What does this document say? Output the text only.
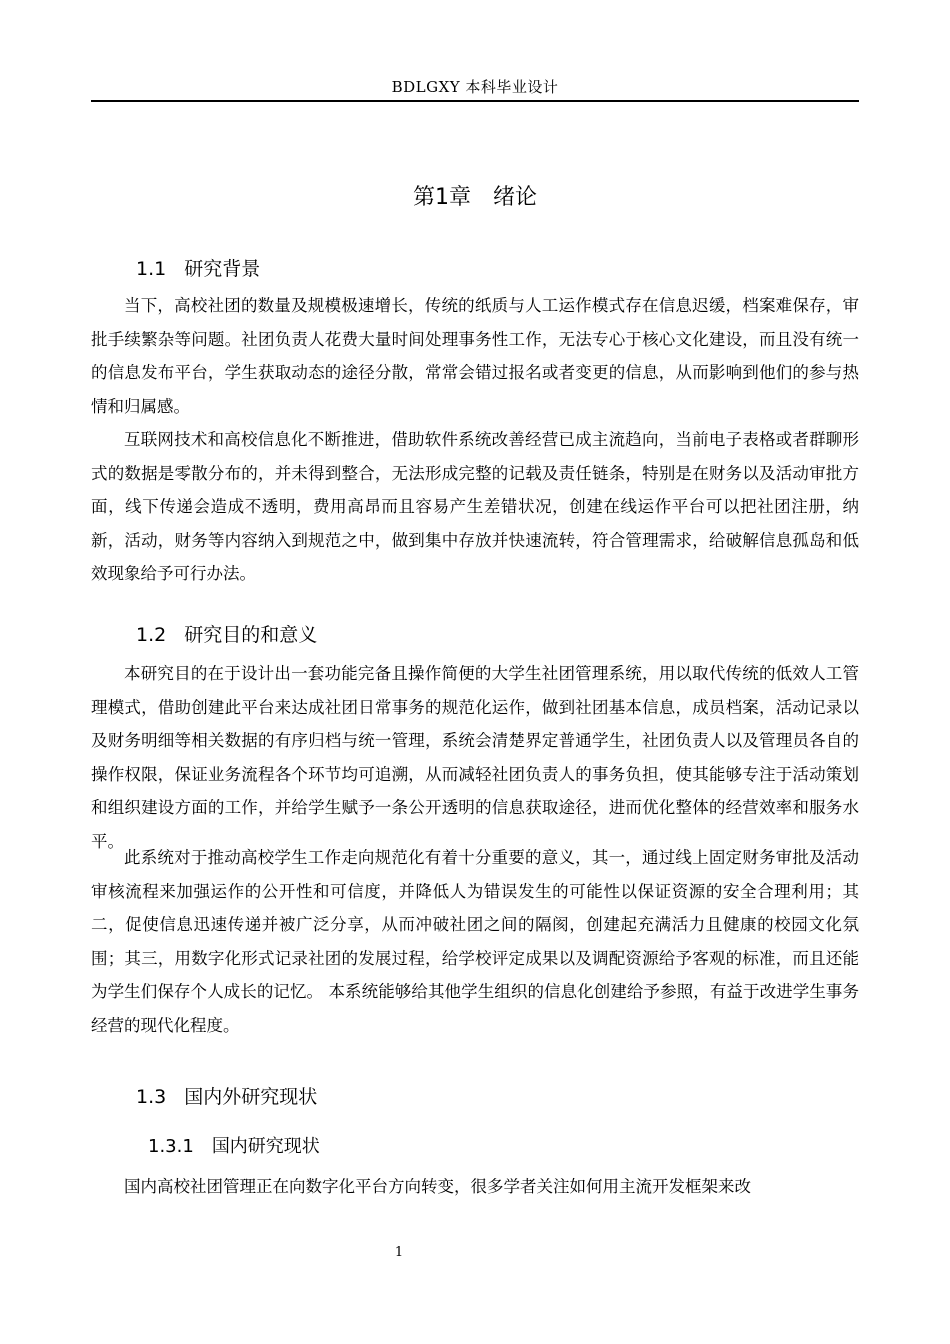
BDLGXY 本科毕业设计
第1章 绪论
1.1 研究背景
当下，高校社团的数量及规模极速增长，传统的纸质与人工运作模式存在信息迟缓，档案难保存，审批手续繁杂等问题。社团负责人花费大量时间处理事务性工作，无法专心于核心文化建设，而且没有统一的信息发布平台，学生获取动态的途径分散，常常会错过报名或者变更的信息，从而影响到他们的参与热情和归属感。
互联网技术和高校信息化不断推进，借助软件系统改善经营已成主流趋向，当前电子表格或者群聊形式的数据是零散分布的，并未得到整合，无法形成完整的记载及责任链条，特别是在财务以及活动审批方面，线下传递会造成不透明，费用高昂而且容易产生差错状况，创建在线运作平台可以把社团注册，纳新，活动，财务等内容纳入到规范之中，做到集中存放并快速流转，符合管理需求，给破解信息孤岛和低效现象给予可行办法。
1.2 研究目的和意义
本研究目的在于设计出一套功能完备且操作简便的大学生社团管理系统，用以取代传统的低效人工管理模式，借助创建此平台来达成社团日常事务的规范化运作，做到社团基本信息，成员档案，活动记录以及财务明细等相关数据的有序归档与统一管理，系统会清楚界定普通学生，社团负责人以及管理员各自的操作权限，保证业务流程各个环节均可追溯，从而减轻社团负责人的事务负担，使其能够专注于活动策划和组织建设方面的工作，并给学生赋予一条公开透明的信息获取途径，进而优化整体的经营效率和服务水平。
此系统对于推动高校学生工作走向规范化有着十分重要的意义，其一，通过线上固定财务审批及活动审核流程来加强运作的公开性和可信度，并降低人为错误发生的可能性以保证资源的安全合理利用；其二，促使信息迅速传递并被广泛分享，从而冲破社团之间的隔阂，创建起充满活力且健康的校园文化氛围；其三，用数字化形式记录社团的发展过程，给学校评定成果以及调配资源给予客观的标准，而且还能为学生们保存个人成长的记忆。 本系统能够给其他学生组织的信息化创建给予参照，有益于改进学生事务经营的现代化程度。
1.3 国内外研究现状
1.3.1 国内研究现状
国内高校社团管理正在向数字化平台方向转变，很多学者关注如何用主流开发框架来改
1
